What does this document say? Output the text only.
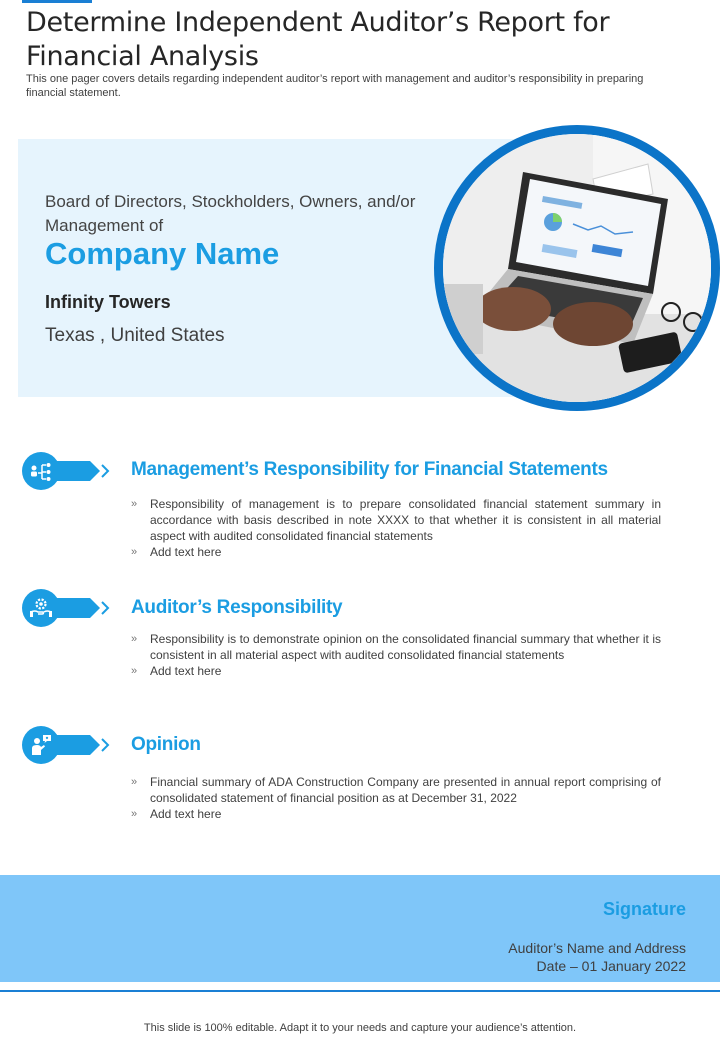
Determine Independent Auditor’s Report for Financial Analysis
This one pager covers details regarding independent auditor’s report with management and auditor’s responsibility in preparing financial statement.
Board of Directors, Stockholders, Owners, and/or Management of
Company Name
Infinity Towers
Texas , United States
Management’s Responsibility for Financial Statements
» Responsibility of management is to prepare consolidated financial statement summary in accordance with basis described in note XXXX to that whether it is consistent in all material aspect with audited consolidated financial statements
» Add text here
Auditor’s Responsibility
» Responsibility is to demonstrate opinion on the consolidated financial summary that whether it is consistent in all material aspect with audited consolidated financial statements
» Add text here
Opinion
» Financial summary of ADA Construction Company are presented in annual report comprising of consolidated statement of financial position as at December 31, 2022
» Add text here
Signature
Auditor’s Name and Address
Date – 01 January 2022
This slide is 100% editable. Adapt it to your needs and capture your audience’s attention.
